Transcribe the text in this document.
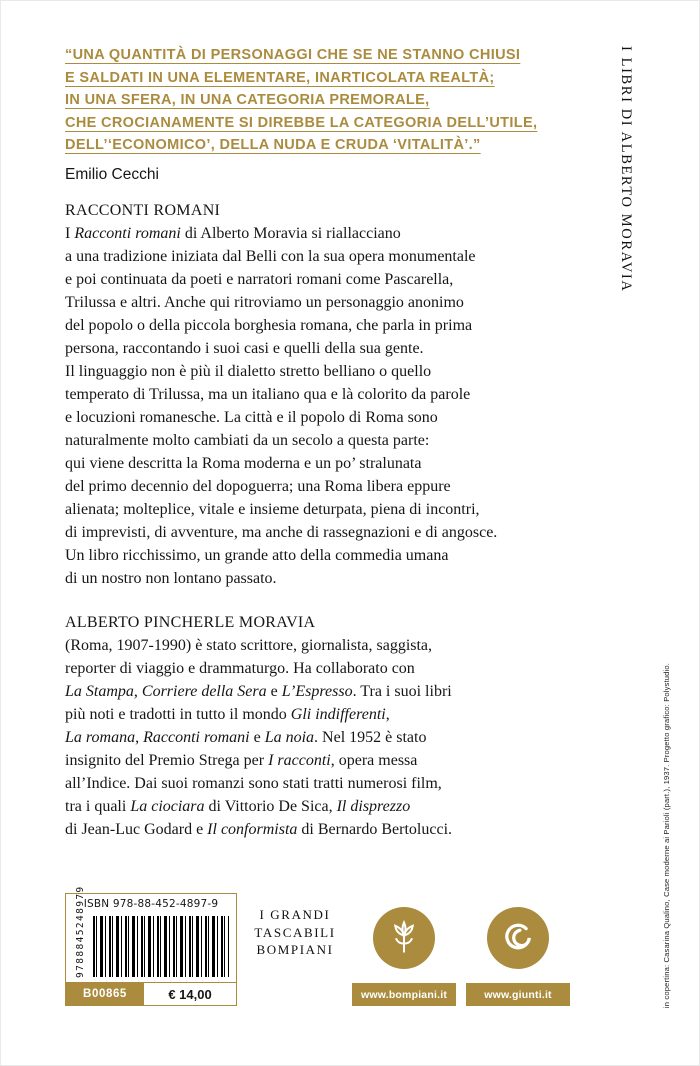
“UNA QUANTITÀ DI PERSONAGGI CHE SE NE STANNO CHIUSI
E SALDATI IN UNA ELEMENTARE, INARTICOLATA REALTÀ;
IN UNA SFERA, IN UNA CATEGORIA PREMORALE,
CHE CROCIANAMENTE SI DIREBBE LA CATEGORIA DELL’UTILE,
DELL’‘ECONOMICO’, DELLA NUDA E CRUDA ‘VITALITÀ’.”
Emilio Cecchi	I LIBRI DI ALBERTO MORAVIA
RACCONTI ROMANI
I Racconti romani di Alberto Moravia si riallacciano
a una tradizione iniziata dal Belli con la sua opera monumentale
e poi continuata da poeti e narratori romani come Pascarella,
Trilussa e altri. Anche qui ritroviamo un personaggio anonimo
del popolo o della piccola borghesia romana, che parla in prima
persona, raccontando i suoi casi e quelli della sua gente.
Il linguaggio non è più il dialetto stretto belliano o quello
temperato di Trilussa, ma un italiano qua e là colorito da parole
e locuzioni romanesche. La città e il popolo di Roma sono
naturalmente molto cambiati da un secolo a questa parte:
qui viene descritta la Roma moderna e un po’ stralunata
del primo decennio del dopoguerra; una Roma libera eppure
alienata; molteplice, vitale e insieme deturpata, piena di incontri,
di imprevisti, di avventure, ma anche di rassegnazioni e di angosce.
Un libro ricchissimo, un grande atto della commedia umana
di un nostro non lontano passato.
ALBERTO PINCHERLE MORAVIA
(Roma, 1907-1990) è stato scrittore, giornalista, saggista,
reporter di viaggio e drammaturgo. Ha collaborato con
La Stampa, Corriere della Sera e L’Espresso. Tra i suoi libri
più noti e tradotti in tutto il mondo Gli indifferenti,
La romana, Racconti romani e La noia. Nel 1952 è stato
insignito del Premio Strega per I racconti, opera messa
all’Indice. Dai suoi romanzi sono stati tratti numerosi film,
tra i quali La ciociara di Vittorio De Sica, Il disprezzo
di Jean-Luc Godard e Il conformista di Bernardo Bertolucci.
ISBN 978-88-452-4897-9
9788845248979
B00865	€ 14,00
I GRANDI
TASCABILI
BOMPIANI
www.bompiani.it	www.giunti.it	in copertina: Casarina Qualino, Case moderne ai Parioli (part.), 1937. Progetto grafico: Polystudio.
